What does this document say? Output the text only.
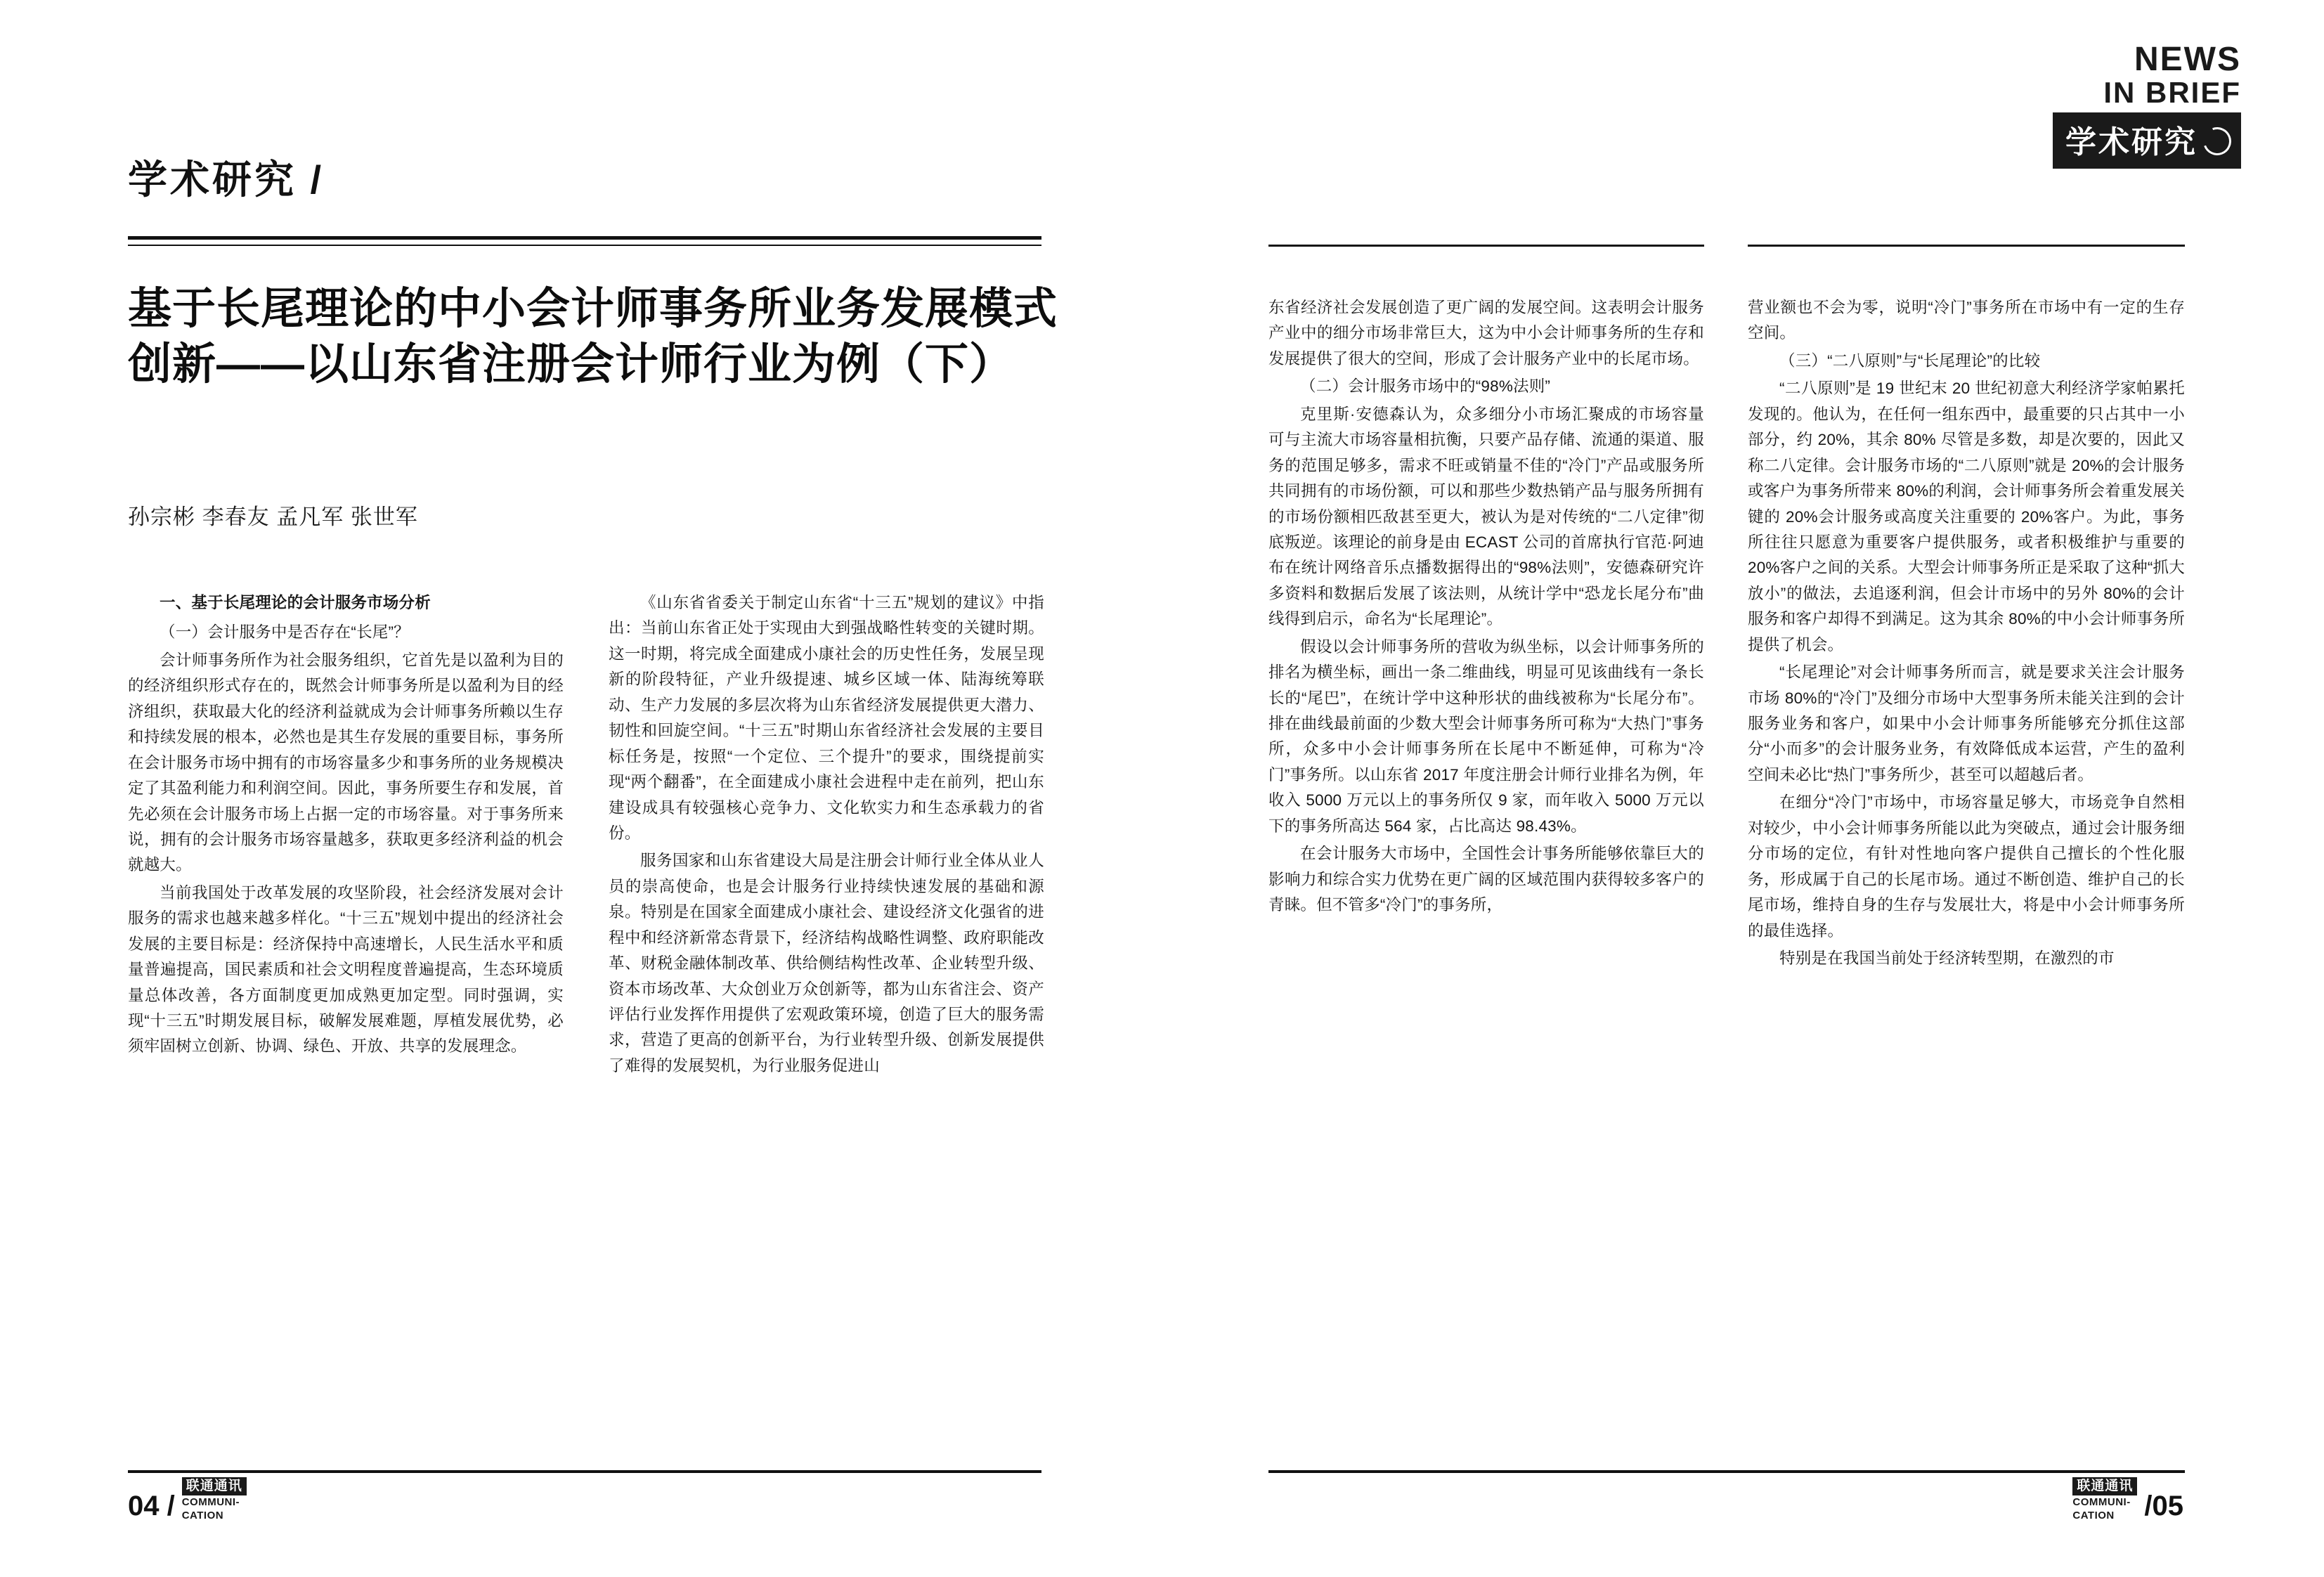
学术研究 /
基于长尾理论的中小会计师事务所业务发展模式创新——以山东省注册会计师行业为例（下）
孙宗彬 李春友 孟凡军 张世军

一、基于长尾理论的会计服务市场分析

（一）会计服务中是否存在“长尾”？

会计师事务所作为社会服务组织，它首先是以盈利为目的的经济组织形式存在的，既然会计师事务所是以盈利为目的经济组织，获取最大化的经济利益就成为会计师事务所赖以生存和持续发展的根本，必然也是其生存发展的重要目标，事务所在会计服务市场中拥有的市场容量多少和事务所的业务规模决定了其盈利能力和利润空间。因此，事务所要生存和发展，首先必须在会计服务市场上占据一定的市场容量。对于事务所来说，拥有的会计服务市场容量越多，获取更多经济利益的机会就越大。

当前我国处于改革发展的攻坚阶段，社会经济发展对会计服务的需求也越来越多样化。“十三五”规划中提出的经济社会发展的主要目标是：经济保持中高速增长，人民生活水平和质量普遍提高，国民素质和社会文明程度普遍提高，生态环境质量总体改善，各方面制度更加成熟更加定型。同时强调，实现“十三五”时期发展目标，破解发展难题，厚植发展优势，必须牢固树立创新、协调、绿色、开放、共享的发展理念。

《山东省省委关于制定山东省“十三五”规划的建议》中指出：当前山东省正处于实现由大到强战略性转变的关键时期。这一时期，将完成全面建成小康社会的历史性任务，发展呈现新的阶段特征，产业升级提速、城乡区域一体、陆海统筹联动、生产力发展的多层次将为山东省经济发展提供更大潜力、韧性和回旋空间。“十三五”时期山东省经济社会发展的主要目标任务是，按照“一个定位、三个提升”的要求，围绕提前实现“两个翻番”，在全面建成小康社会进程中走在前列，把山东建设成具有较强核心竞争力、文化软实力和生态承载力的省份。

服务国家和山东省建设大局是注册会计师行业全体从业人员的崇高使命，也是会计服务行业持续快速发展的基础和源泉。特别是在国家全面建成小康社会、建设经济文化强省的进程中和经济新常态背景下，经济结构战略性调整、政府职能改革、财税金融体制改革、供给侧结构性改革、企业转型升级、资本市场改革、大众创业万众创新等，都为山东省注会、资产评估行业发挥作用提供了宏观政策环境，创造了巨大的服务需求，营造了更高的创新平台，为行业转型升级、创新发展提供了难得的发展契机，为行业服务促进山

04 /
联通通讯
COMMUNI-
CATION
NEWS
IN BRIEF
学术研究

东省经济社会发展创造了更广阔的发展空间。这表明会计服务产业中的细分市场非常巨大，这为中小会计师事务所的生存和发展提供了很大的空间，形成了会计服务产业中的长尾市场。

（二）会计服务市场中的“98%法则”

克里斯·安德森认为，众多细分小市场汇聚成的市场容量可与主流大市场容量相抗衡，只要产品存储、流通的渠道、服务的范围足够多，需求不旺或销量不佳的“冷门”产品或服务所共同拥有的市场份额，可以和那些少数热销产品与服务所拥有的市场份额相匹敌甚至更大，被认为是对传统的“二八定律”彻底叛逆。该理论的前身是由 ECAST 公司的首席执行官范·阿迪布在统计网络音乐点播数据得出的“98%法则”，安德森研究许多资料和数据后发展了该法则，从统计学中“恐龙长尾分布”曲线得到启示，命名为“长尾理论”。

假设以会计师事务所的营收为纵坐标，以会计师事务所的排名为横坐标，画出一条二维曲线，明显可见该曲线有一条长长的“尾巴”，在统计学中这种形状的曲线被称为“长尾分布”。排在曲线最前面的少数大型会计师事务所可称为“大热门”事务所，众多中小会计师事务所在长尾中不断延伸，可称为“冷门”事务所。以山东省 2017 年度注册会计师行业排名为例，年收入 5000 万元以上的事务所仅 9 家，而年收入 5000 万元以下的事务所高达 564 家，占比高达 98.43%。

在会计服务大市场中，全国性会计事务所能够依靠巨大的影响力和综合实力优势在更广阔的区域范围内获得较多客户的青睐。但不管多“冷门”的事务所，

营业额也不会为零，说明“冷门”事务所在市场中有一定的生存空间。

（三）“二八原则”与“长尾理论”的比较

“二八原则”是 19 世纪末 20 世纪初意大利经济学家帕累托发现的。他认为，在任何一组东西中，最重要的只占其中一小部分，约 20%，其余 80% 尽管是多数，却是次要的，因此又称二八定律。会计服务市场的“二八原则”就是 20%的会计服务或客户为事务所带来 80%的利润，会计师事务所会着重发展关键的 20%会计服务或高度关注重要的 20%客户。为此，事务所往往只愿意为重要客户提供服务，或者积极维护与重要的 20%客户之间的关系。大型会计师事务所正是采取了这种“抓大放小”的做法，去追逐利润，但会计市场中的另外 80%的会计服务和客户却得不到满足。这为其余 80%的中小会计师事务所提供了机会。

“长尾理论”对会计师事务所而言，就是要求关注会计服务市场 80%的“冷门”及细分市场中大型事务所未能关注到的会计服务业务和客户，如果中小会计师事务所能够充分抓住这部分“小而多”的会计服务业务，有效降低成本运营，产生的盈利空间未必比“热门”事务所少，甚至可以超越后者。

在细分“冷门”市场中，市场容量足够大，市场竞争自然相对较少，中小会计师事务所能以此为突破点，通过会计服务细分市场的定位，有针对性地向客户提供自己擅长的个性化服务，形成属于自己的长尾市场。通过不断创造、维护自己的长尾市场，维持自身的生存与发展壮大，将是中小会计师事务所的最佳选择。

特别是在我国当前处于经济转型期，在激烈的市

联通通讯
COMMUNI-
CATION	/05
